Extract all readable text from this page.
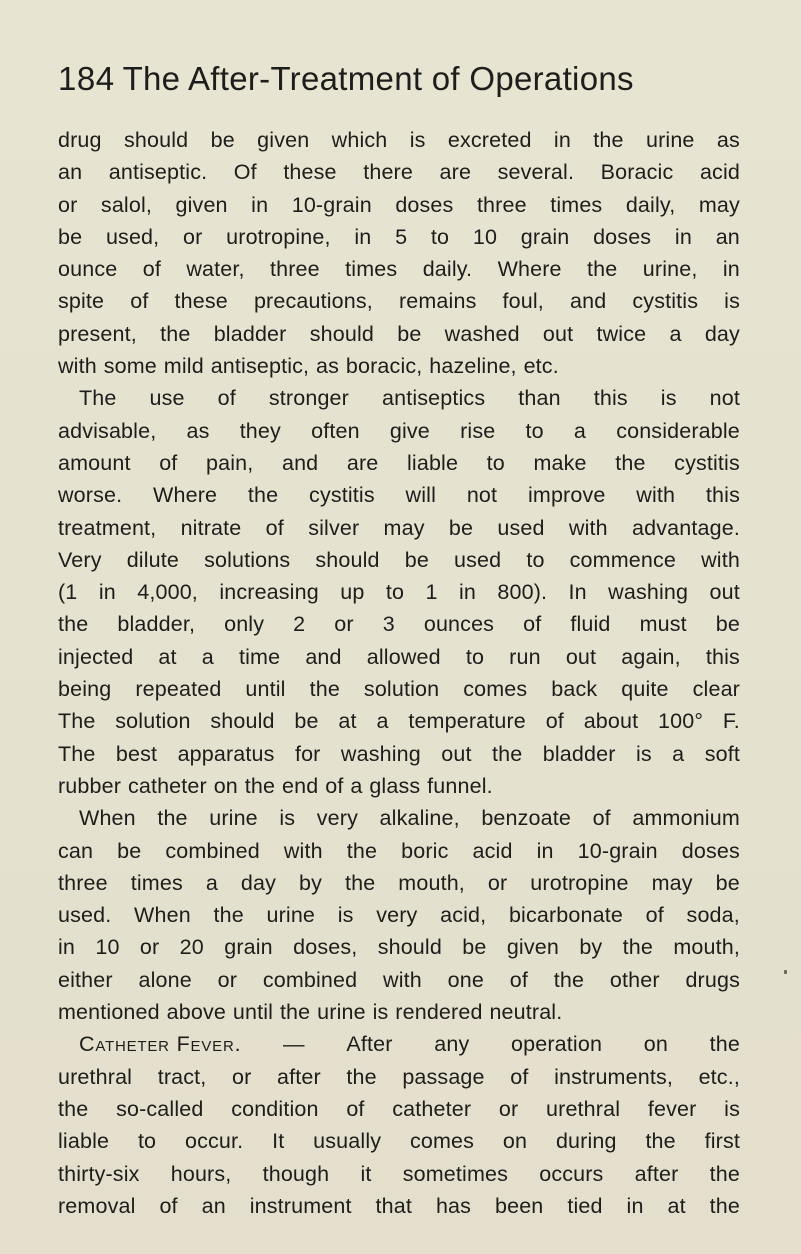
184 The After-Treatment of Operations
drug should be given which is excreted in the urine as
an antiseptic. Of these there are several. Boracic acid
or salol, given in 10-grain doses three times daily, may
be used, or urotropine, in 5 to 10 grain doses in an
ounce of water, three times daily. Where the urine, in
spite of these precautions, remains foul, and cystitis is
present, the bladder should be washed out twice a day
with some mild antiseptic, as boracic, hazeline, etc.
The use of stronger antiseptics than this is not
advisable, as they often give rise to a considerable
amount of pain, and are liable to make the cystitis
worse. Where the cystitis will not improve with this
treatment, nitrate of silver may be used with advantage.
Very dilute solutions should be used to commence with
(1 in 4,000, increasing up to 1 in 800). In washing out
the bladder, only 2 or 3 ounces of fluid must be
injected at a time and allowed to run out again, this
being repeated until the solution comes back quite clear
The solution should be at a temperature of about 100° F.
The best apparatus for washing out the bladder is a soft
rubber catheter on the end of a glass funnel.
When the urine is very alkaline, benzoate of ammonium
can be combined with the boric acid in 10-grain doses
three times a day by the mouth, or urotropine may be
used. When the urine is very acid, bicarbonate of soda,
in 10 or 20 grain doses, should be given by the mouth,
either alone or combined with one of the other drugs
mentioned above until the urine is rendered neutral.
Catheter Fever. — After any operation on the
urethral tract, or after the passage of instruments, etc.,
the so-called condition of catheter or urethral fever is
liable to occur. It usually comes on during the first
thirty-six hours, though it sometimes occurs after the
removal of an instrument that has been tied in at the
